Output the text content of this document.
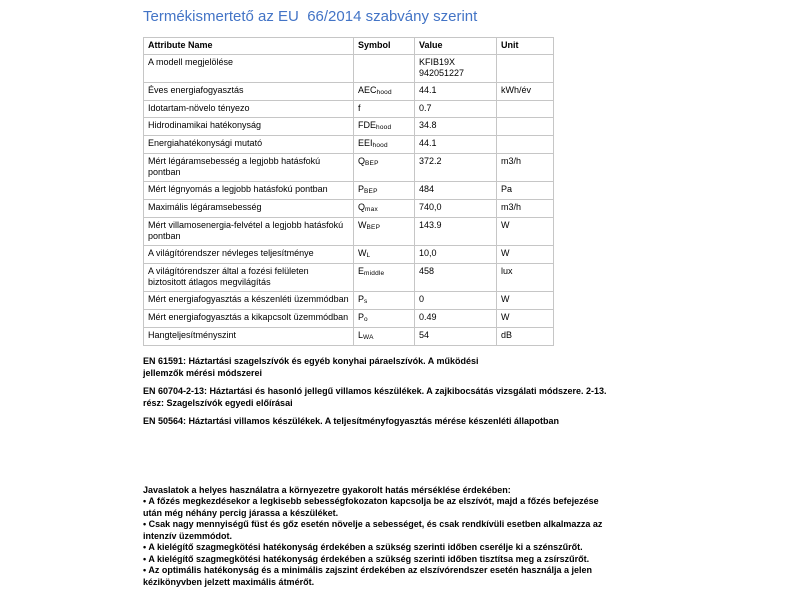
Termékismertető az EU  66/2014 szabvány szerint
Attribute Name	Symbol	Value	Unit
A modell megjelölése		KFIB19X
942051227	
Éves energiafogyasztás	$AEC_{hood}$	44.1	kWh/év
Idotartam-növelo tényezo	f	0.7	
Hidrodinamikai hatékonyság	$FDE_{hood}$	34.8	
Energiahatékonysági mutató	$EEI_{hood}$	44.1	
Mért légáramsebesség a legjobb hatásfokú pontban	$Q_{BEP}$	372.2	m3/h
Mért légnyomás a legjobb hatásfokú pontban	$P_{BEP}$	484	Pa
Maximális légáramsebesség	$Q_{max}$	740,0	m3/h
Mért villamosenergia-felvétel a legjobb hatásfokú pontban	$W_{BEP}$	143.9	W
A világítórendszer névleges teljesítménye	$W_L$	10,0	W
A világítórendszer által a fozési felületen biztositott átlagos megvilágítás	$E_{middle}$	458	lux
Mért energiafogyasztás a készenléti üzemmódban	$P_s$	0	W
Mért energiafogyasztás a kikapcsolt üzemmódban	$P_o$	0.49	W
Hangteljesítményszint	$L_{WA}$	54	dB

EN 61591: Háztartási szagelszívók és egyéb konyhai páraelszívók. A működési
jellemzők mérési módszerei

EN 60704-2-13: Háztartási és hasonló jellegű villamos készülékek. A zajkibocsátás vizsgálati módszere. 2-13.
rész: Szagelszívók egyedi előírásai

EN 50564: Háztartási villamos készülékek. A teljesítményfogyasztás mérése készenléti állapotban

Javaslatok a helyes használatra a környezetre gyakorolt hatás mérséklése érdekében:
• A főzés megkezdésekor a legkisebb sebességfokozaton kapcsolja be az elszívót, majd a főzés befejezése
után még néhány percig járassa a készüléket.
• Csak nagy mennyiségű füst és gőz esetén növelje a sebességet, és csak rendkívüli esetben alkalmazza az
intenzív üzemmódot.
• A kielégítő szagmegkötési hatékonyság érdekében a szükség szerinti időben cserélje ki a szénszűrőt.
• A kielégítő szagmegkötési hatékonyság érdekében a szükség szerinti időben tisztítsa meg a zsírszűrőt.
• Az optimális hatékonyság és a minimális zajszint érdekében az elszívórendszer esetén használja a jelen
kézikönyvben jelzett maximális átmérőt.
